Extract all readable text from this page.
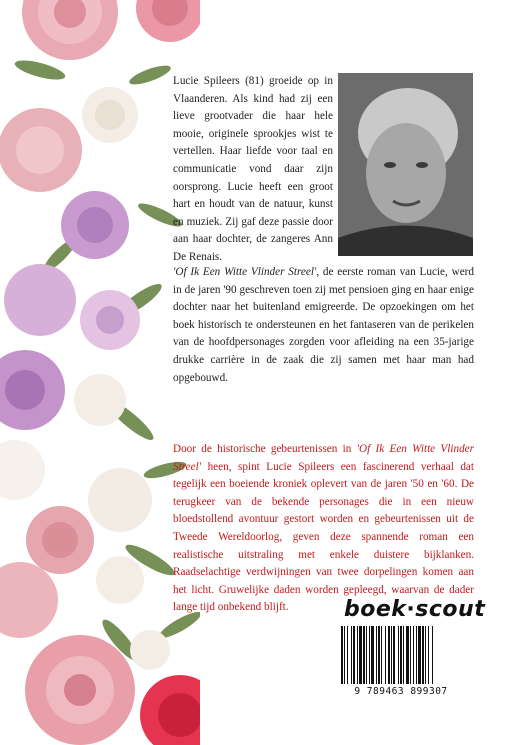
Lucie Spileers (81) groeide op in Vlaanderen. Als kind had zij een lieve grootvader die haar hele mooie, originele sprookjes wist te vertellen. Haar liefde voor taal en communicatie vond daar zijn oorsprong. Lucie heeft een groot hart en houdt van de natuur, kunst en muziek. Zij gaf deze passie door aan haar dochter, de zangeres Ann De Renais.
'Of Ik Een Witte Vlinder Streel', de eerste roman van Lucie, werd in de jaren '90 geschreven toen zij met pensioen ging en haar enige dochter naar het buitenland emigreerde. De opzoekingen om het boek historisch te ondersteunen en het fantaseren van de perikelen van de hoofdpersonages zorgden voor afleiding na een 35-jarige drukke carrière in de zaak die zij samen met haar man had opgebouwd.
Door de historische gebeurtenissen in 'Of Ik Een Witte Vlinder Streel' heen, spint Lucie Spileers een fascinerend verhaal dat tegelijk een boeiende kroniek oplevert van de jaren '50 en '60. De terugkeer van de bekende personages die in een nieuw bloedstollend avontuur gestort worden en gebeurtenissen uit de Tweede Wereldoorlog, geven deze spannende roman een realistische uitstraling met enkele duistere bijklanken. Raadselachtige verdwijningen van twee dorpelingen komen aan het licht. Gruwelijke daden worden gepleegd, waarvan de dader lange tijd onbekend blijft.	boek·scout
9 789463 899307
